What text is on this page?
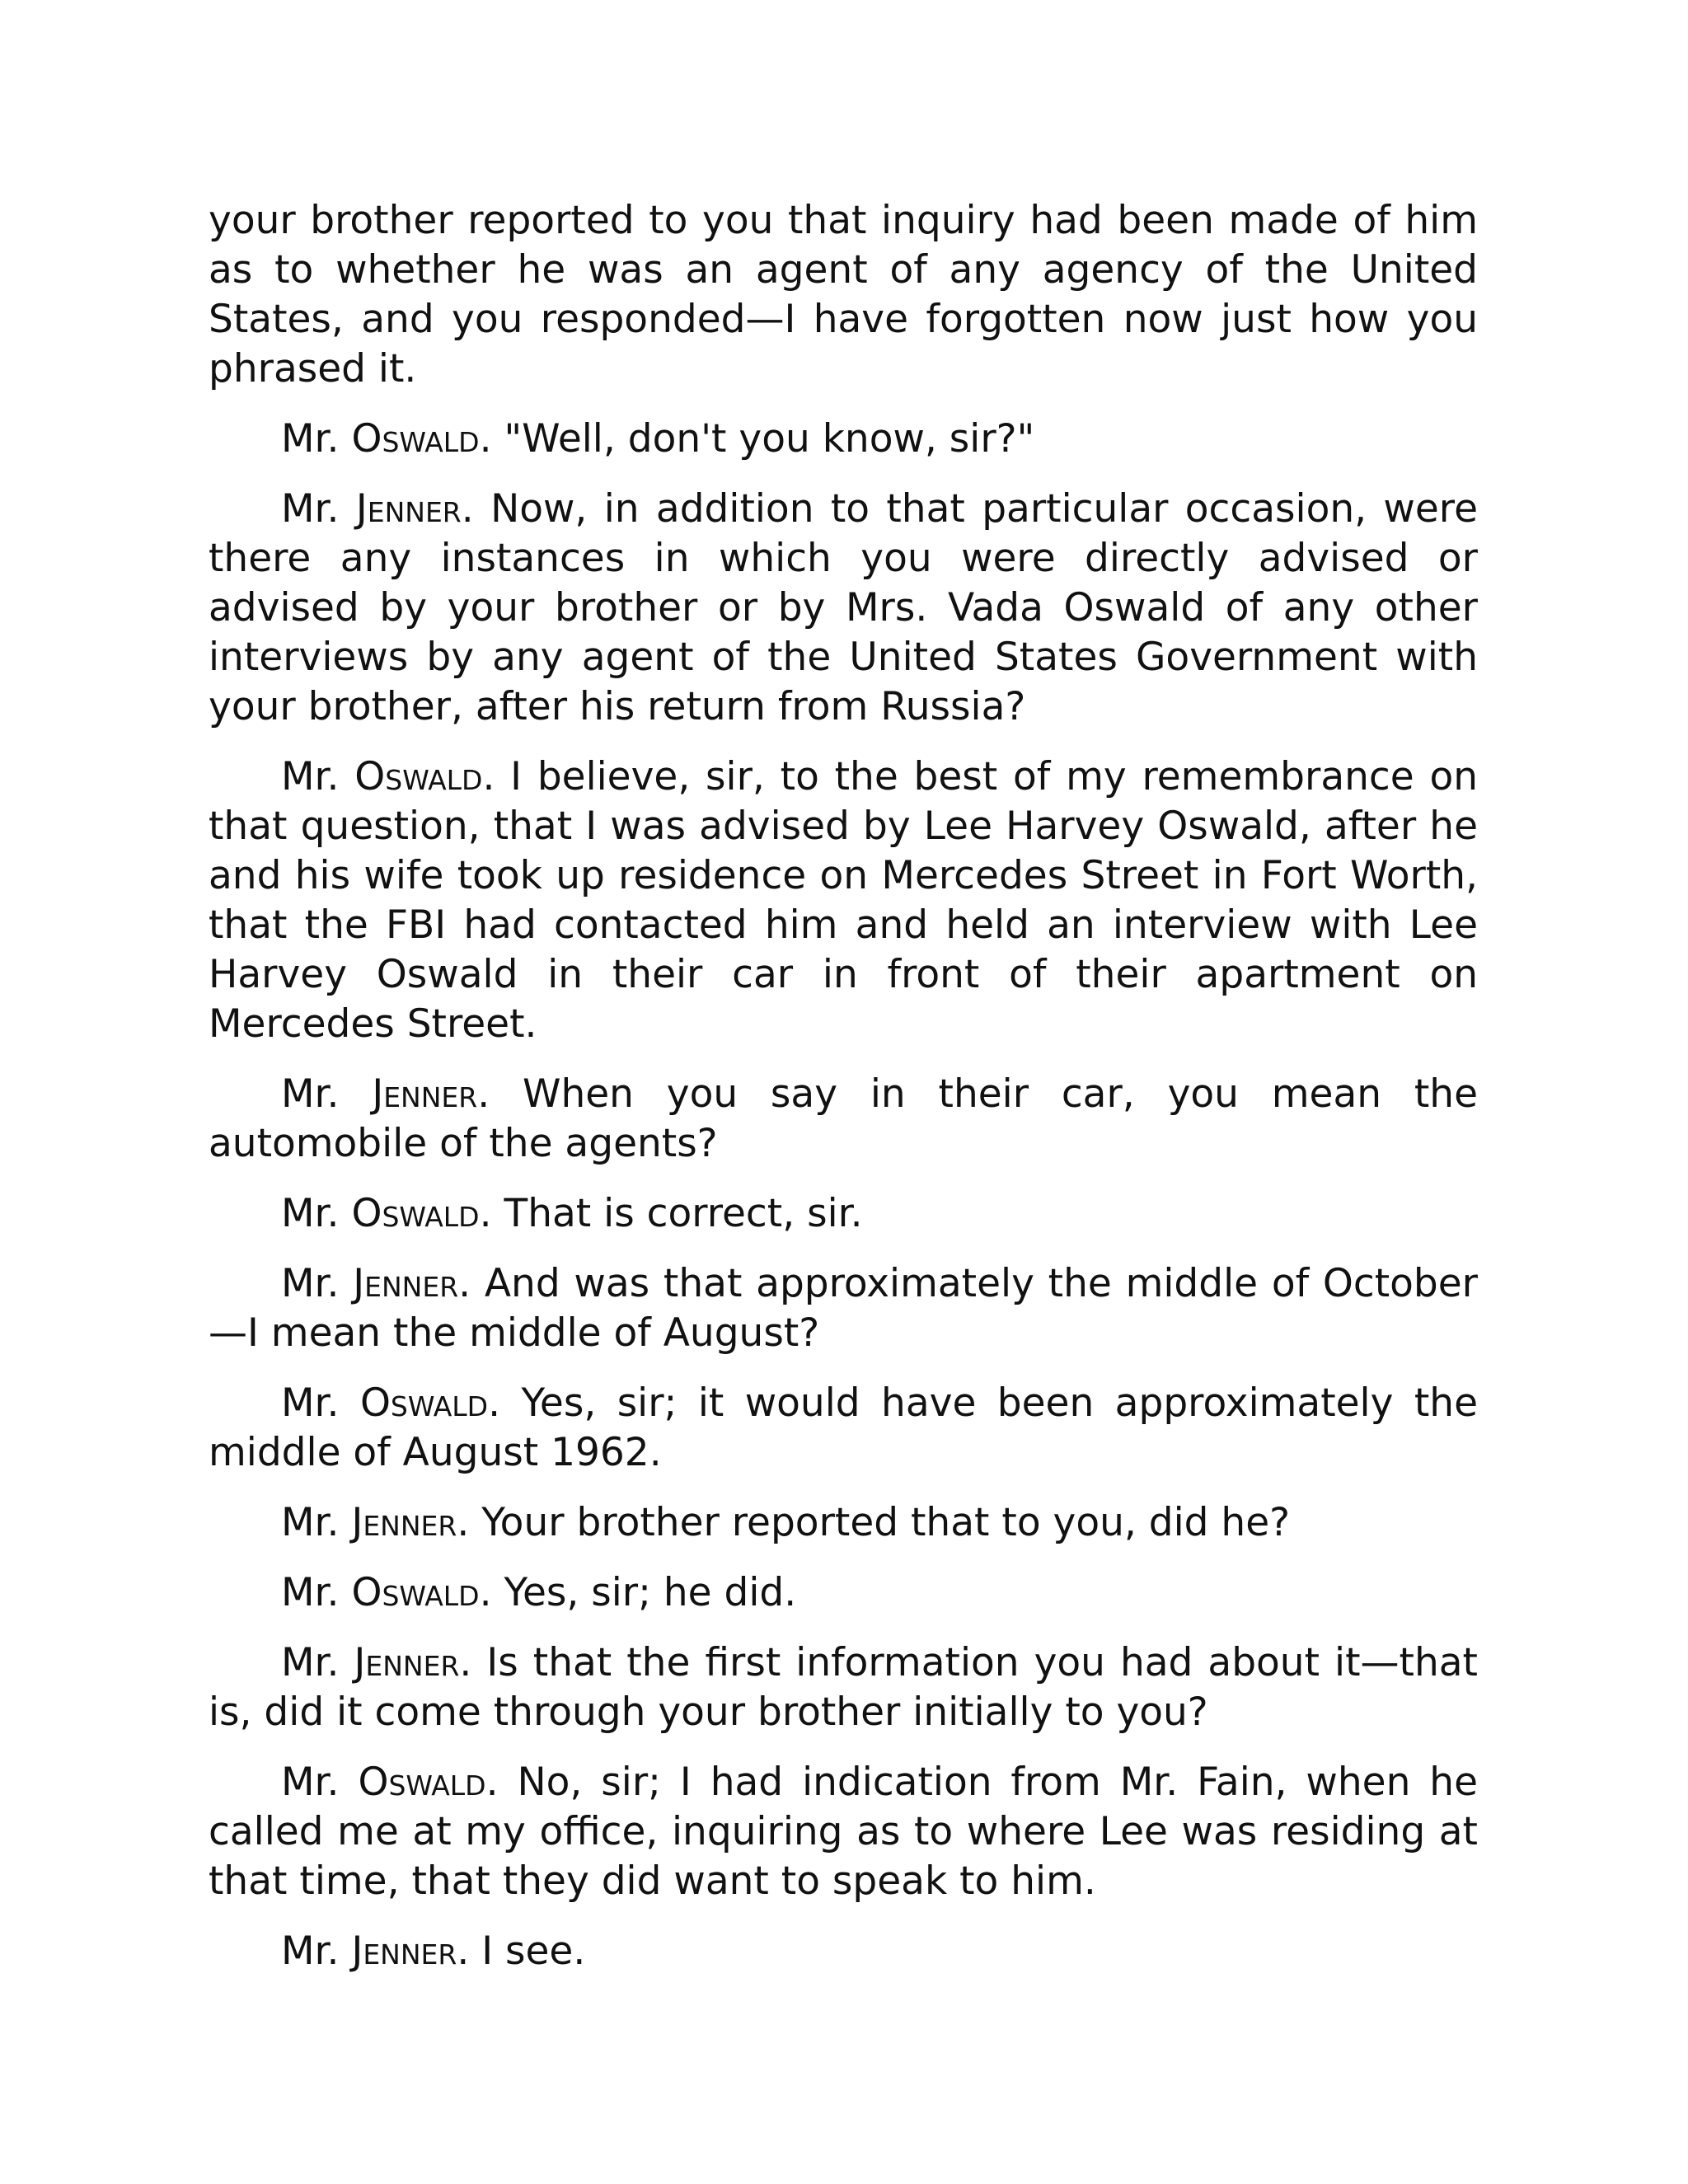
your brother reported to you that inquiry had been made of him as to whether he was an agent of any agency of the United States, and you responded—I have forgotten now just how you phrased it.

Mr. Oswald. "Well, don't you know, sir?"

Mr. Jenner. Now, in addition to that particular occasion, were there any instances in which you were directly advised or advised by your brother or by Mrs. Vada Oswald of any other interviews by any agent of the United States Government with your brother, after his return from Russia?

Mr. Oswald. I believe, sir, to the best of my remembrance on that question, that I was advised by Lee Harvey Oswald, after he and his wife took up residence on Mercedes Street in Fort Worth, that the FBI had contacted him and held an interview with Lee Harvey Oswald in their car in front of their apartment on Mercedes Street.

Mr. Jenner. When you say in their car, you mean the automobile of the agents?

Mr. Oswald. That is correct, sir.

Mr. Jenner. And was that approximately the middle of October—I mean the middle of August?

Mr. Oswald. Yes, sir; it would have been approximately the middle of August 1962.

Mr. Jenner. Your brother reported that to you, did he?

Mr. Oswald. Yes, sir; he did.

Mr. Jenner. Is that the first information you had about it—that is, did it come through your brother initially to you?

Mr. Oswald. No, sir; I had indication from Mr. Fain, when he called me at my office, inquiring as to where Lee was residing at that time, that they did want to speak to him.

Mr. Jenner. I see.
